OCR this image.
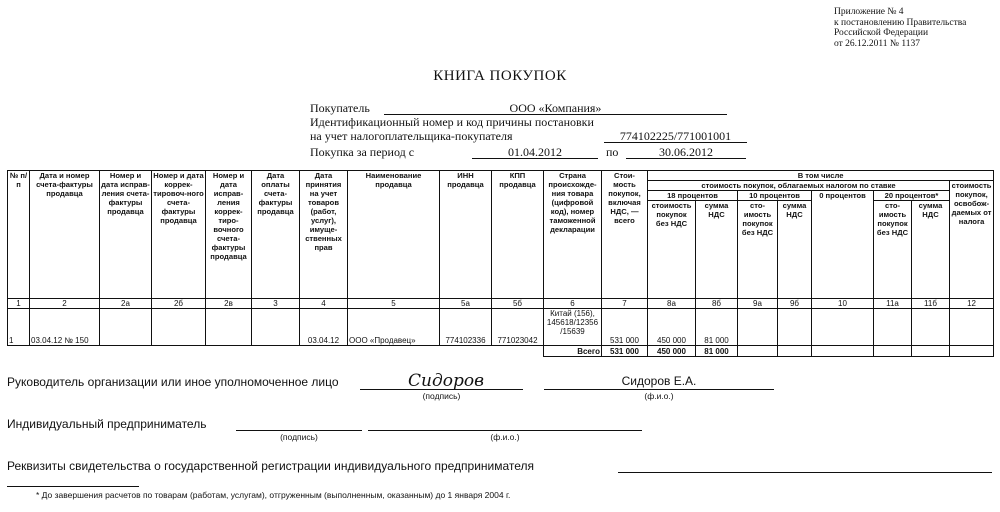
Приложение № 4
к постановлению Правительства
Российской Федерации
от 26.12.2011 № 1137
КНИГА ПОКУПОК
Покупатель	ООО «Компания»
Идентификационный номер и код причины постановки
на учет налогоплательщика-покупателя	774102225/771001001
Покупка за период с	01.04.2012	по	30.06.2012
№ п/п	Дата и номер счета-фактуры продавца	Номер и дата исправ-ления счета-фактуры продавца	Номер и дата коррек-тировоч-ного счета-фактуры продавца	Номер и дата исправ-ления коррек-тиро-вочного счета-фактуры продавца	Дата оплаты счета-фактуры продавца	Дата принятия на учет товаров (работ, услуг), имуще-ственных прав	Наименование продавца	ИНН продавца	КПП продавца	Страна происхожде-ния товара (цифровой код), номер таможенной декларации	Стои-мость покупок, включая НДС, — всего	В том числе							
												стоимость покупок, облагаемых налогом по ставке							стоимость покупок, освобож-даемых от налога
												18 процентов		10 процентов		0 процентов	20 процентов*		
												стоимость покупок без НДС	сумма НДС	сто-имость покупок без НДС	сумма НДС		сто-имость покупок без НДС	сумма НДС	
1	2	2а	2б	2в	3	4	5	5а	5б	6	7	8а	8б	9а	9б	10	11а	11б	12
1	03.04.12 № 150					03.04.12	ООО «Продавец»	774102336	771023042	Китай (156), 145618/12356 /15639	531 000	450 000	81 000						
										Всего	531 000	450 000	81 000						
Руководитель организации или иное уполномоченное лицо	Сидоров
(подпись)
Сидоров Е.А.
(ф.и.о.)
Индивидуальный предприниматель
(подпись)	(ф.и.о.)
Реквизиты свидетельства о государственной регистрации индивидуального предпринимателя
* До завершения расчетов по товарам (работам, услугам), отгруженным (выполненным, оказанным) до 1 января 2004 г.
